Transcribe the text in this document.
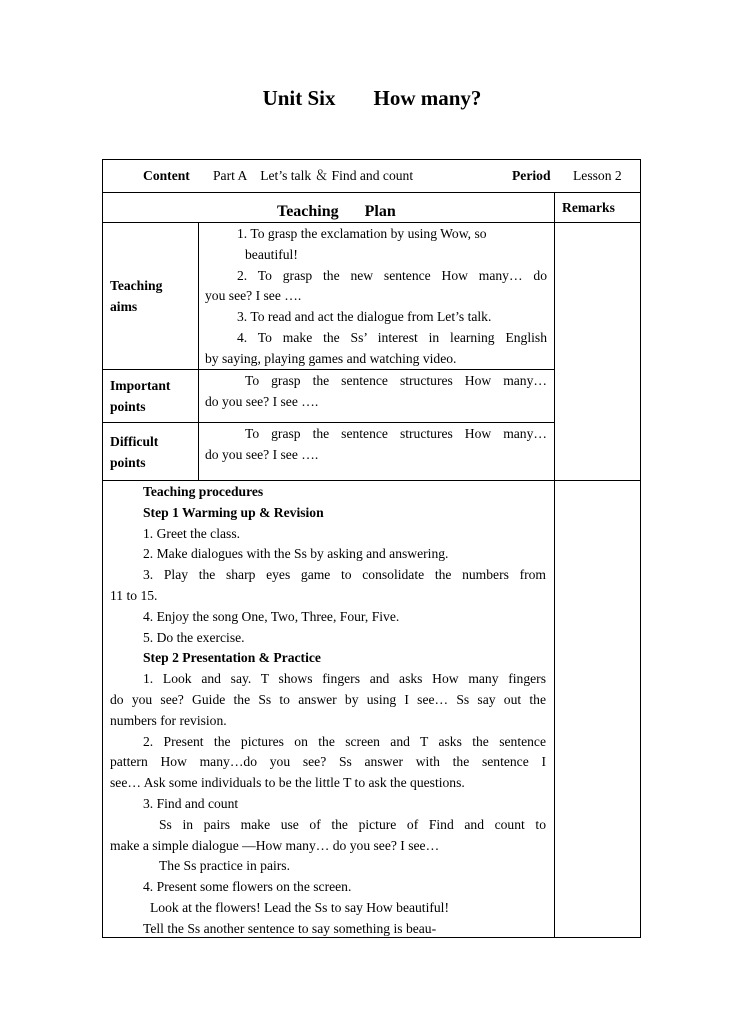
Unit Six How many?
Content Part A　Let’s talk ＆ Find and count	Period Lesson 2
Teaching Plan	Remarks
Teaching
aims
1. To grasp the exclamation by using Wow, so
beautiful!
2. To grasp the new sentence How many… do
you see? I see ….
3. To read and act the dialogue from Let’s talk.
4. To make the Ss’ interest in learning English
by saying, playing games and watching video.
Important
points
To grasp the sentence structures How many…
do you see? I see ….
Difficult
points
To grasp the sentence structures How many…
do you see? I see ….
Teaching procedures
Step 1 Warming up & Revision
1. Greet the class.
2. Make dialogues with the Ss by asking and answering.
3. Play the sharp eyes game to consolidate the numbers from
11 to 15.
4. Enjoy the song One, Two, Three, Four, Five.
5. Do the exercise.
Step 2 Presentation & Practice
1. Look and say. T shows fingers and asks How many fingers
do you see? Guide the Ss to answer by using I see… Ss say out the
numbers for revision.
2. Present the pictures on the screen and T asks the sentence
pattern How many…do you see? Ss answer with the sentence I
see… Ask some individuals to be the little T to ask the questions.
3. Find and count
Ss in pairs make use of the picture of Find and count to
make a simple dialogue —How many… do you see? I see…
The Ss practice in pairs.
4. Present some flowers on the screen.
Look at the flowers! Lead the Ss to say How beautiful!
Tell the Ss another sentence to say something is beau-
